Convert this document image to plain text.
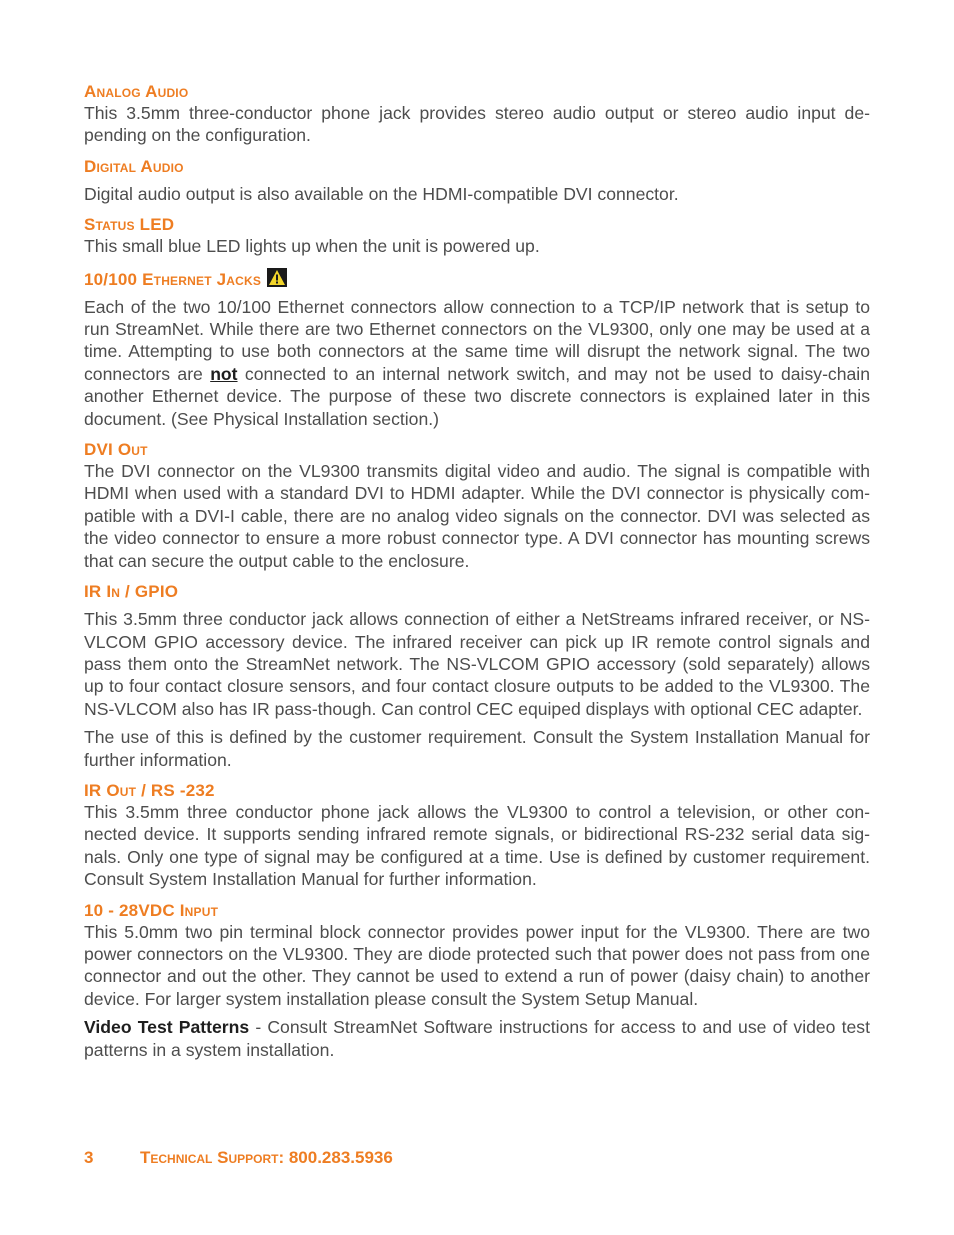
Analog Audio

This 3.5mm three-conductor phone jack provides stereo audio output or stereo audio input de-pending on the configuration.

Digital Audio

Digital audio output is also available on the HDMI-compatible DVI connector.

Status LED

This small blue LED lights up when the unit is powered up.

10/100 Ethernet Jacks

Each of the two 10/100 Ethernet connectors allow connection to a TCP/IP network that is setup to run StreamNet. While there are two Ethernet connectors on the VL9300, only one may be used at a time. Attempting to use both connectors at the same time will disrupt the network signal. The two connectors are not connected to an internal network switch, and may not be used to daisy-chain another Ethernet device. The purpose of these two discrete connectors is explained later in this document. (See Physical Installation section.)

DVI Out

The DVI connector on the VL9300 transmits digital video and audio. The signal is compatible with HDMI when used with a standard DVI to HDMI adapter. While the DVI connector is physically com-patible with a DVI-I cable, there are no analog video signals on the connector. DVI was selected as the video connector to ensure a more robust connector type. A DVI connector has mounting screws that can secure the output cable to the enclosure.

IR In / GPIO

This 3.5mm three conductor jack allows connection of either a NetStreams infrared receiver, or NS-VLCOM GPIO accessory device. The infrared receiver can pick up IR remote control signals and pass them onto the StreamNet network. The NS-VLCOM GPIO accessory (sold separately) allows up to four contact closure sensors, and four contact closure outputs to be added to the VL9300. The NS-VLCOM also has IR pass-though. Can control CEC equiped displays with optional CEC adapter.

The use of this is defined by the customer requirement. Consult the System Installation Manual for further information.

IR Out / RS -232

This 3.5mm three conductor phone jack allows the VL9300 to control a television, or other con-nected device. It supports sending infrared remote signals, or bidirectional RS-232 serial data sig-nals. Only one type of signal may be configured at a time. Use is defined by customer requirement. Consult System Installation Manual for further information.

10 - 28VDC Input

This 5.0mm two pin terminal block connector provides power input for the VL9300. There are two power connectors on the VL9300. They are diode protected such that power does not pass from one connector and out the other. They cannot be used to extend a run of power (daisy chain) to another device. For larger system installation please consult the System Setup Manual.

Video Test Patterns - Consult StreamNet Software instructions for access to and use of video test patterns in a system installation.

3	Technical Support: 800.283.5936
